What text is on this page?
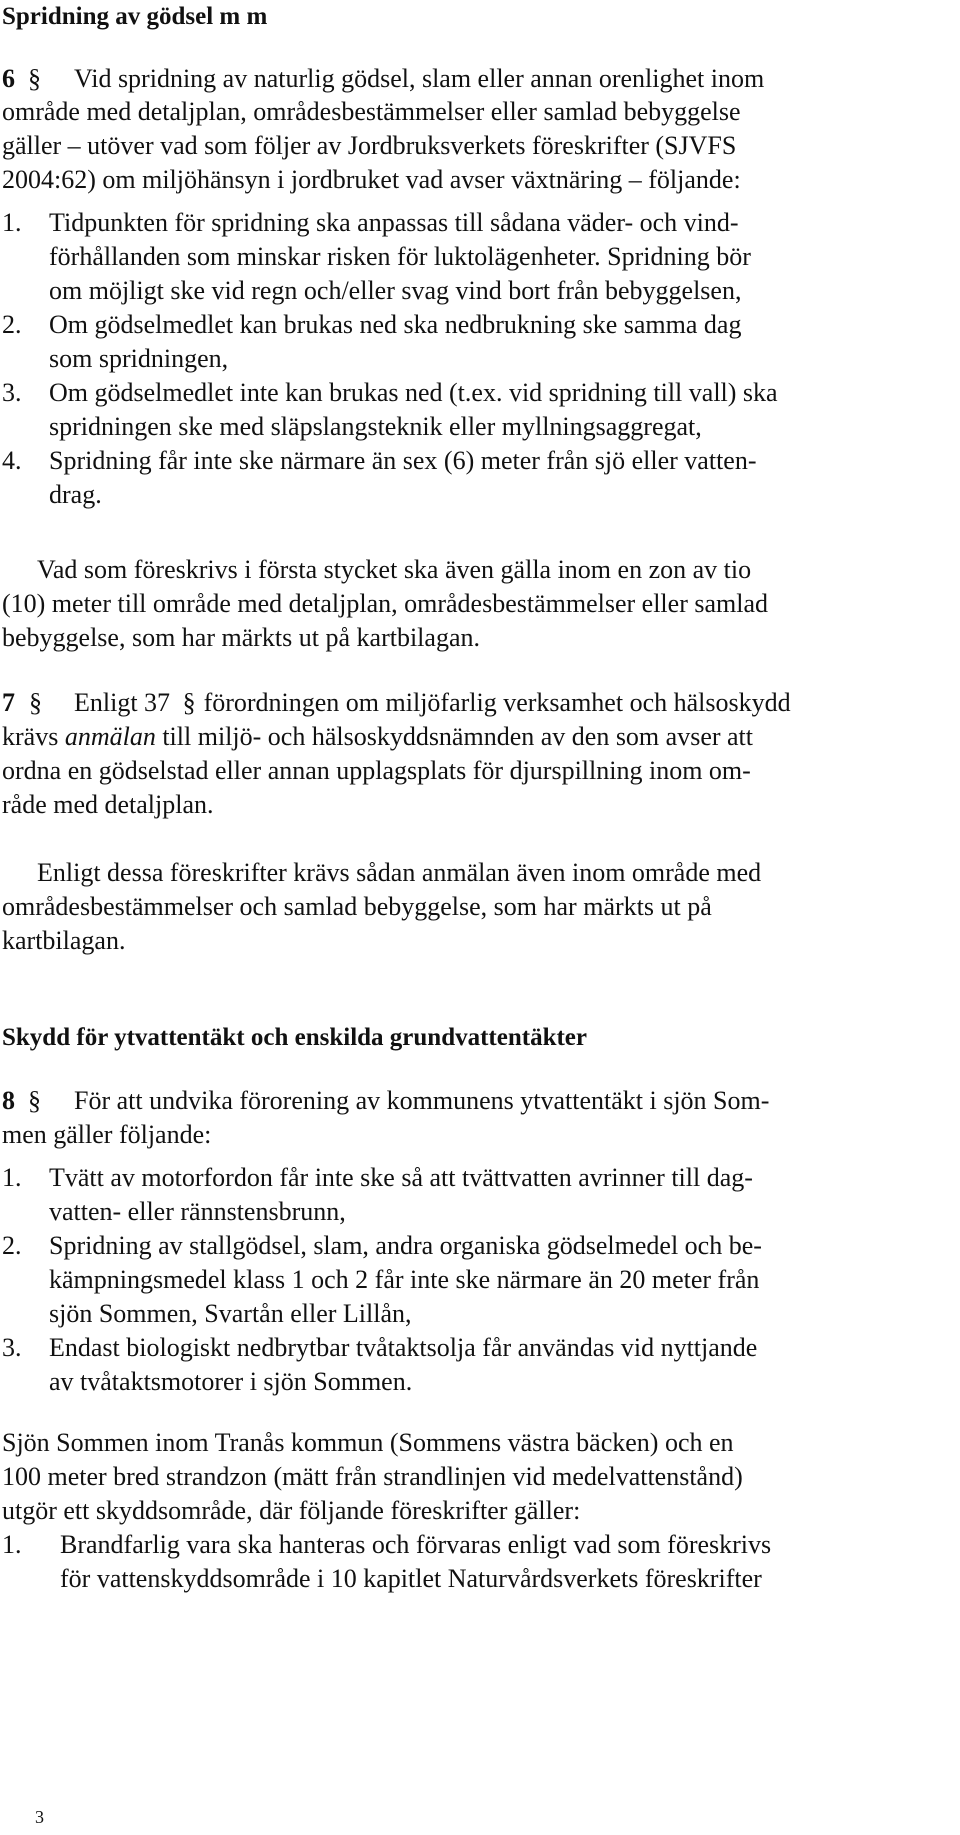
Spridning av gödsel m m
6 § Vid spridning av naturlig gödsel, slam eller annan orenlighet inom
område med detaljplan, områdesbestämmelser eller samlad bebyggelse
gäller – utöver vad som följer av Jordbruksverkets föreskrifter (SJVFS
2004:62) om miljöhänsyn i jordbruket vad avser växtnäring – följande:
1. Tidpunkten för spridning ska anpassas till sådana väder- och vind-
förhållanden som minskar risken för luktolägenheter. Spridning bör
om möjligt ske vid regn och/eller svag vind bort från bebyggelsen,
2. Om gödselmedlet kan brukas ned ska nedbrukning ske samma dag
som spridningen,
3. Om gödselmedlet inte kan brukas ned (t.ex. vid spridning till vall) ska
spridningen ske med släpslangsteknik eller myllningsaggregat,
4. Spridning får inte ske närmare än sex (6) meter från sjö eller vatten-
drag.
Vad som föreskrivs i första stycket ska även gälla inom en zon av tio
(10) meter till område med detaljplan, områdesbestämmelser eller samlad
bebyggelse, som har märkts ut på kartbilagan.
7 § Enligt 37 § förordningen om miljöfarlig verksamhet och hälsoskydd
krävs anmälan till miljö- och hälsoskyddsnämnden av den som avser att
ordna en gödselstad eller annan upplagsplats för djurspillning inom om-
råde med detaljplan.
Enligt dessa föreskrifter krävs sådan anmälan även inom område med
områdesbestämmelser och samlad bebyggelse, som har märkts ut på
kartbilagan.
Skydd för ytvattentäkt och enskilda grundvattentäkter
8 § För att undvika förorening av kommunens ytvattentäkt i sjön Som-
men gäller följande:
1. Tvätt av motorfordon får inte ske så att tvättvatten avrinner till dag-
vatten- eller rännstensbrunn,
2. Spridning av stallgödsel, slam, andra organiska gödselmedel och be-
kämpningsmedel klass 1 och 2 får inte ske närmare än 20 meter från
sjön Sommen, Svartån eller Lillån,
3. Endast biologiskt nedbrytbar tvåtaktsolja får användas vid nyttjande
av tvåtaktsmotorer i sjön Sommen.
Sjön Sommen inom Tranås kommun (Sommens västra bäcken) och en
100 meter bred strandzon (mätt från strandlinjen vid medelvattenstånd)
utgör ett skyddsområde, där följande föreskrifter gäller:
1. Brandfarlig vara ska hanteras och förvaras enligt vad som föreskrivs
för vattenskyddsområde i 10 kapitlet Naturvårdsverkets föreskrifter
3
